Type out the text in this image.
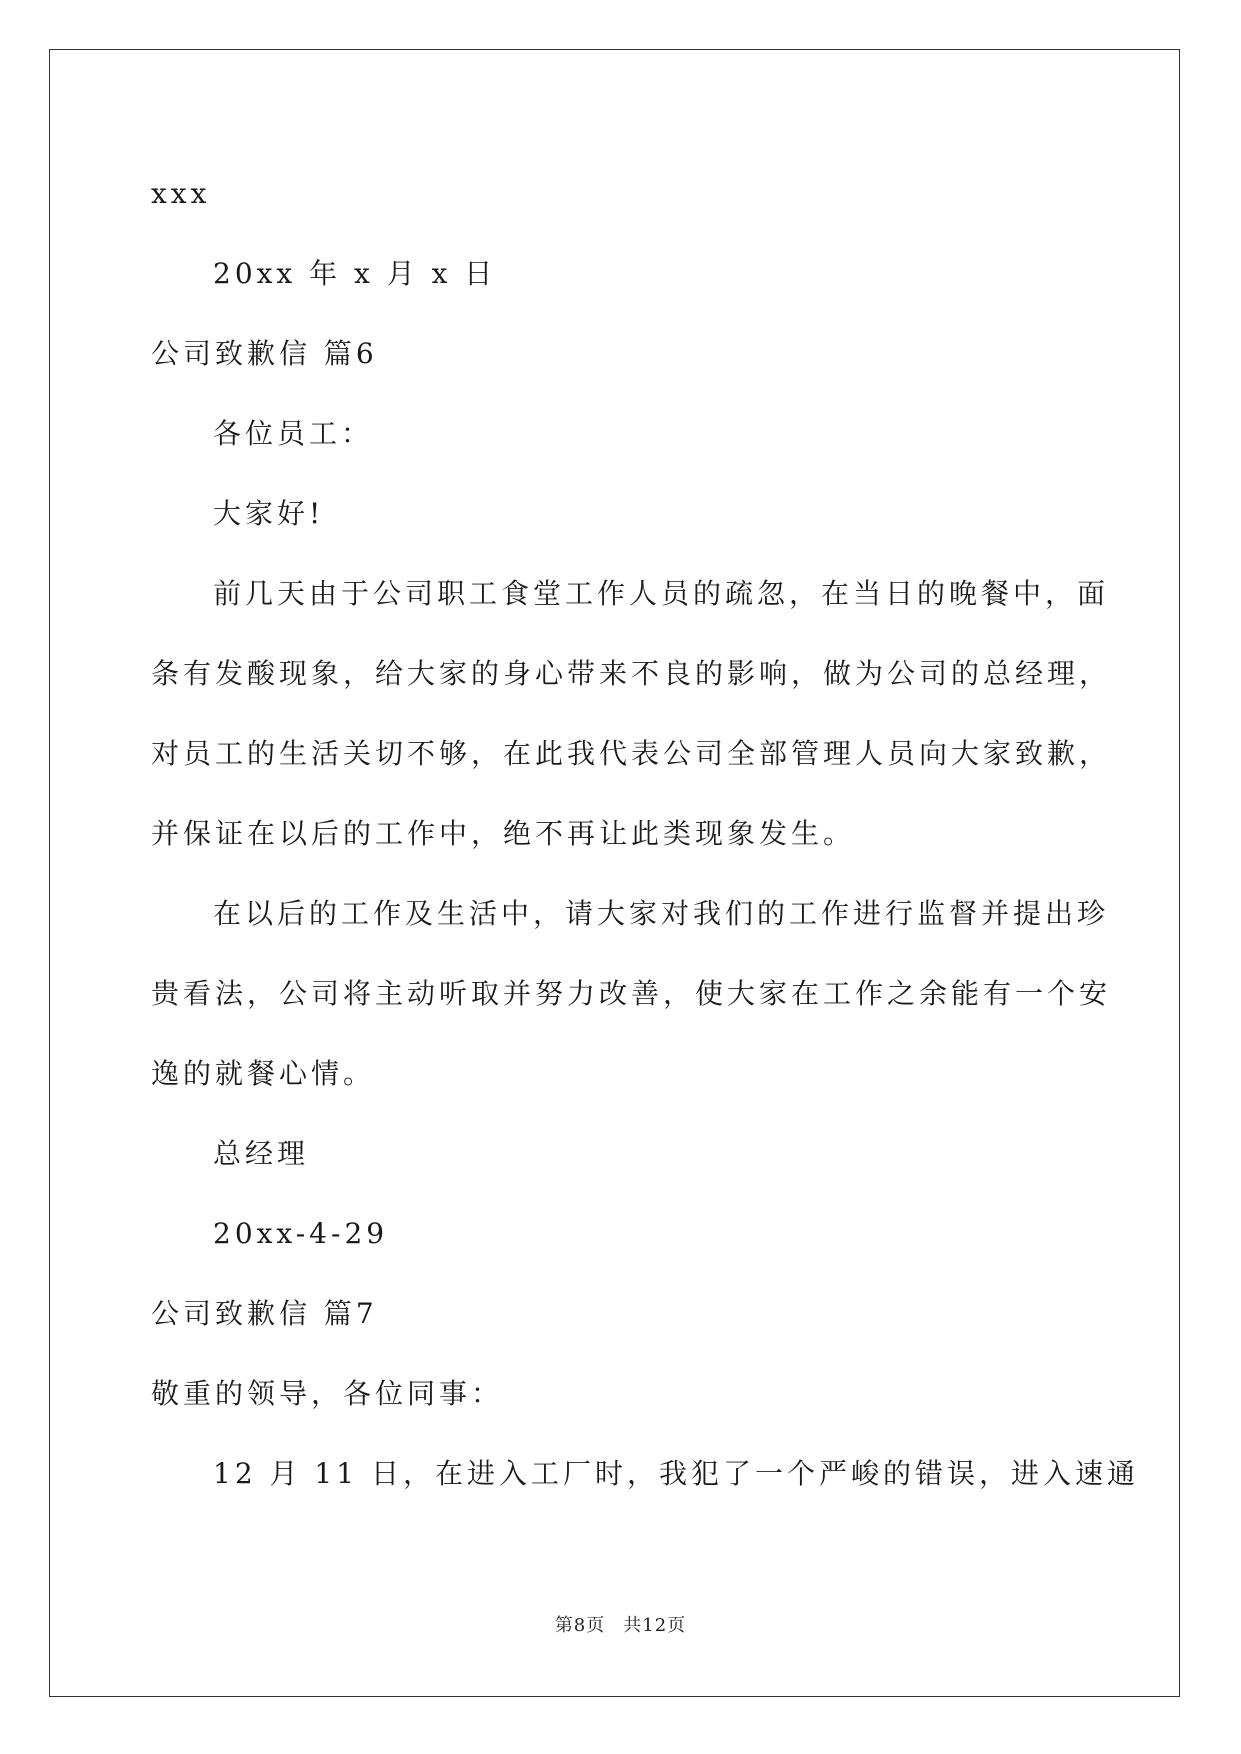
xxx
20xx 年 x 月 x 日
公司致歉信 篇6
各位员工：
大家好!
前几天由于公司职工食堂工作人员的疏忽，在当日的晚餐中，面
条有发酸现象，给大家的身心带来不良的影响，做为公司的总经理，
对员工的生活关切不够，在此我代表公司全部管理人员向大家致歉，
并保证在以后的工作中，绝不再让此类现象发生。
在以后的工作及生活中，请大家对我们的工作进行监督并提出珍
贵看法，公司将主动听取并努力改善，使大家在工作之余能有一个安
逸的就餐心情。
总经理
20xx-4-29
公司致歉信 篇7
敬重的领导，各位同事：
12 月 11 日，在进入工厂时，我犯了一个严峻的错误，进入速通
第8页 共12页
